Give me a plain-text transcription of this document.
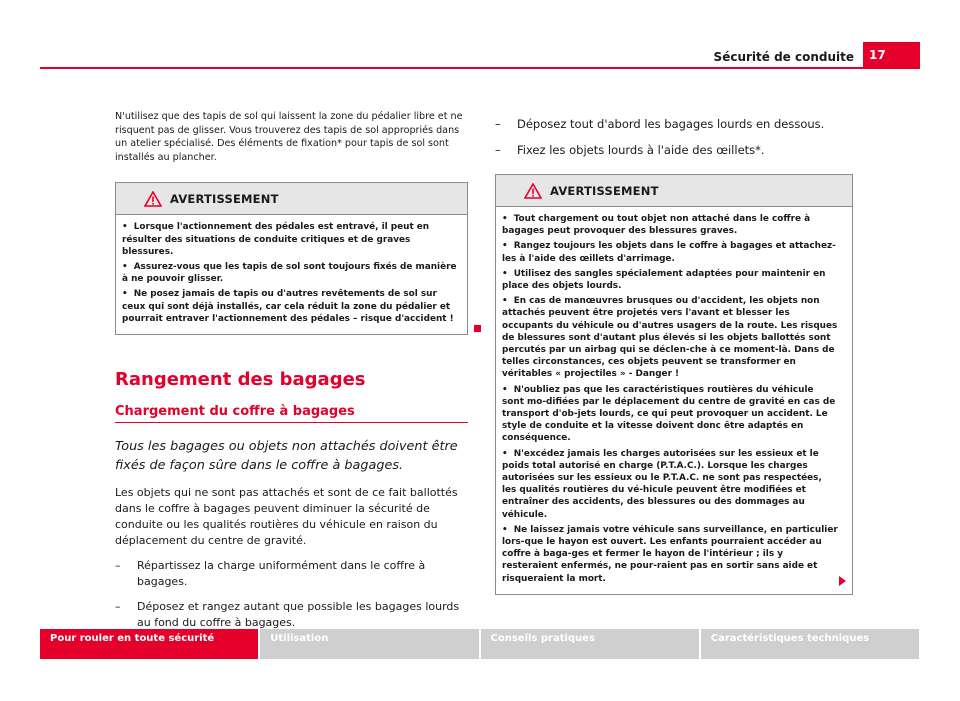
Sécurité de conduite	17

N'utilisez que des tapis de sol qui laissent la zone du pédalier libre et ne risquent pas de glisser. Vous trouverez des tapis de sol appropriés dans un atelier spécialisé. Des éléments de fixation* pour tapis de sol sont installés au plancher.

AVERTISSEMENT

• Lorsque l'actionnement des pédales est entravé, il peut en résulter des situations de conduite critiques et de graves blessures.

• Assurez-vous que les tapis de sol sont toujours fixés de manière à ne pouvoir glisser.

• Ne posez jamais de tapis ou d'autres revêtements de sol sur ceux qui sont déjà installés, car cela réduit la zone du pédalier et pourrait entraver l'actionnement des pédales – risque d'accident !

Rangement des bagages
Chargement du coffre à bagages

Tous les bagages ou objets non attachés doivent être fixés de façon sûre dans le coffre à bagages.

Les objets qui ne sont pas attachés et sont de ce fait ballottés dans le coffre à bagages peuvent diminuer la sécurité de conduite ou les qualités routières du véhicule en raison du déplacement du centre de gravité.

–	Répartissez la charge uniformément dans le coffre à bagages.
–	Déposez et rangez autant que possible les bagages lourds au fond du coffre à bagages.
–	Déposez tout d'abord les bagages lourds en dessous.
–	Fixez les objets lourds à l'aide des œillets*.
AVERTISSEMENT

• Tout chargement ou tout objet non attaché dans le coffre à bagages peut provoquer des blessures graves.

• Rangez toujours les objets dans le coffre à bagages et attachez-les à l'aide des œillets d'arrimage.

• Utilisez des sangles spécialement adaptées pour maintenir en place des objets lourds.

• En cas de manœuvres brusques ou d'accident, les objets non attachés peuvent être projetés vers l'avant et blesser les occupants du véhicule ou d'autres usagers de la route. Les risques de blessures sont d'autant plus élevés si les objets ballottés sont percutés par un airbag qui se déclen-che à ce moment-là. Dans de telles circonstances, ces objets peuvent se transformer en véritables « projectiles » - Danger !

• N'oubliez pas que les caractéristiques routières du véhicule sont mo-difiées par le déplacement du centre de gravité en cas de transport d'ob-jets lourds, ce qui peut provoquer un accident. Le style de conduite et la vitesse doivent donc être adaptés en conséquence.

• N'excédez jamais les charges autorisées sur les essieux et le poids total autorisé en charge (P.T.A.C.). Lorsque les charges autorisées sur les essieux ou le P.T.A.C. ne sont pas respectées, les qualités routières du vé-hicule peuvent être modifiées et entraîner des accidents, des blessures ou des dommages au véhicule.

• Ne laissez jamais votre véhicule sans surveillance, en particulier lors-que le hayon est ouvert. Les enfants pourraient accéder au coffre à baga-ges et fermer le hayon de l'intérieur ; ils y resteraient enfermés, ne pour-raient pas en sortir sans aide et risqueraient la mort.

Pour rouler en toute sécurité	Utilisation	Conseils pratiques	Caractéristiques techniques
